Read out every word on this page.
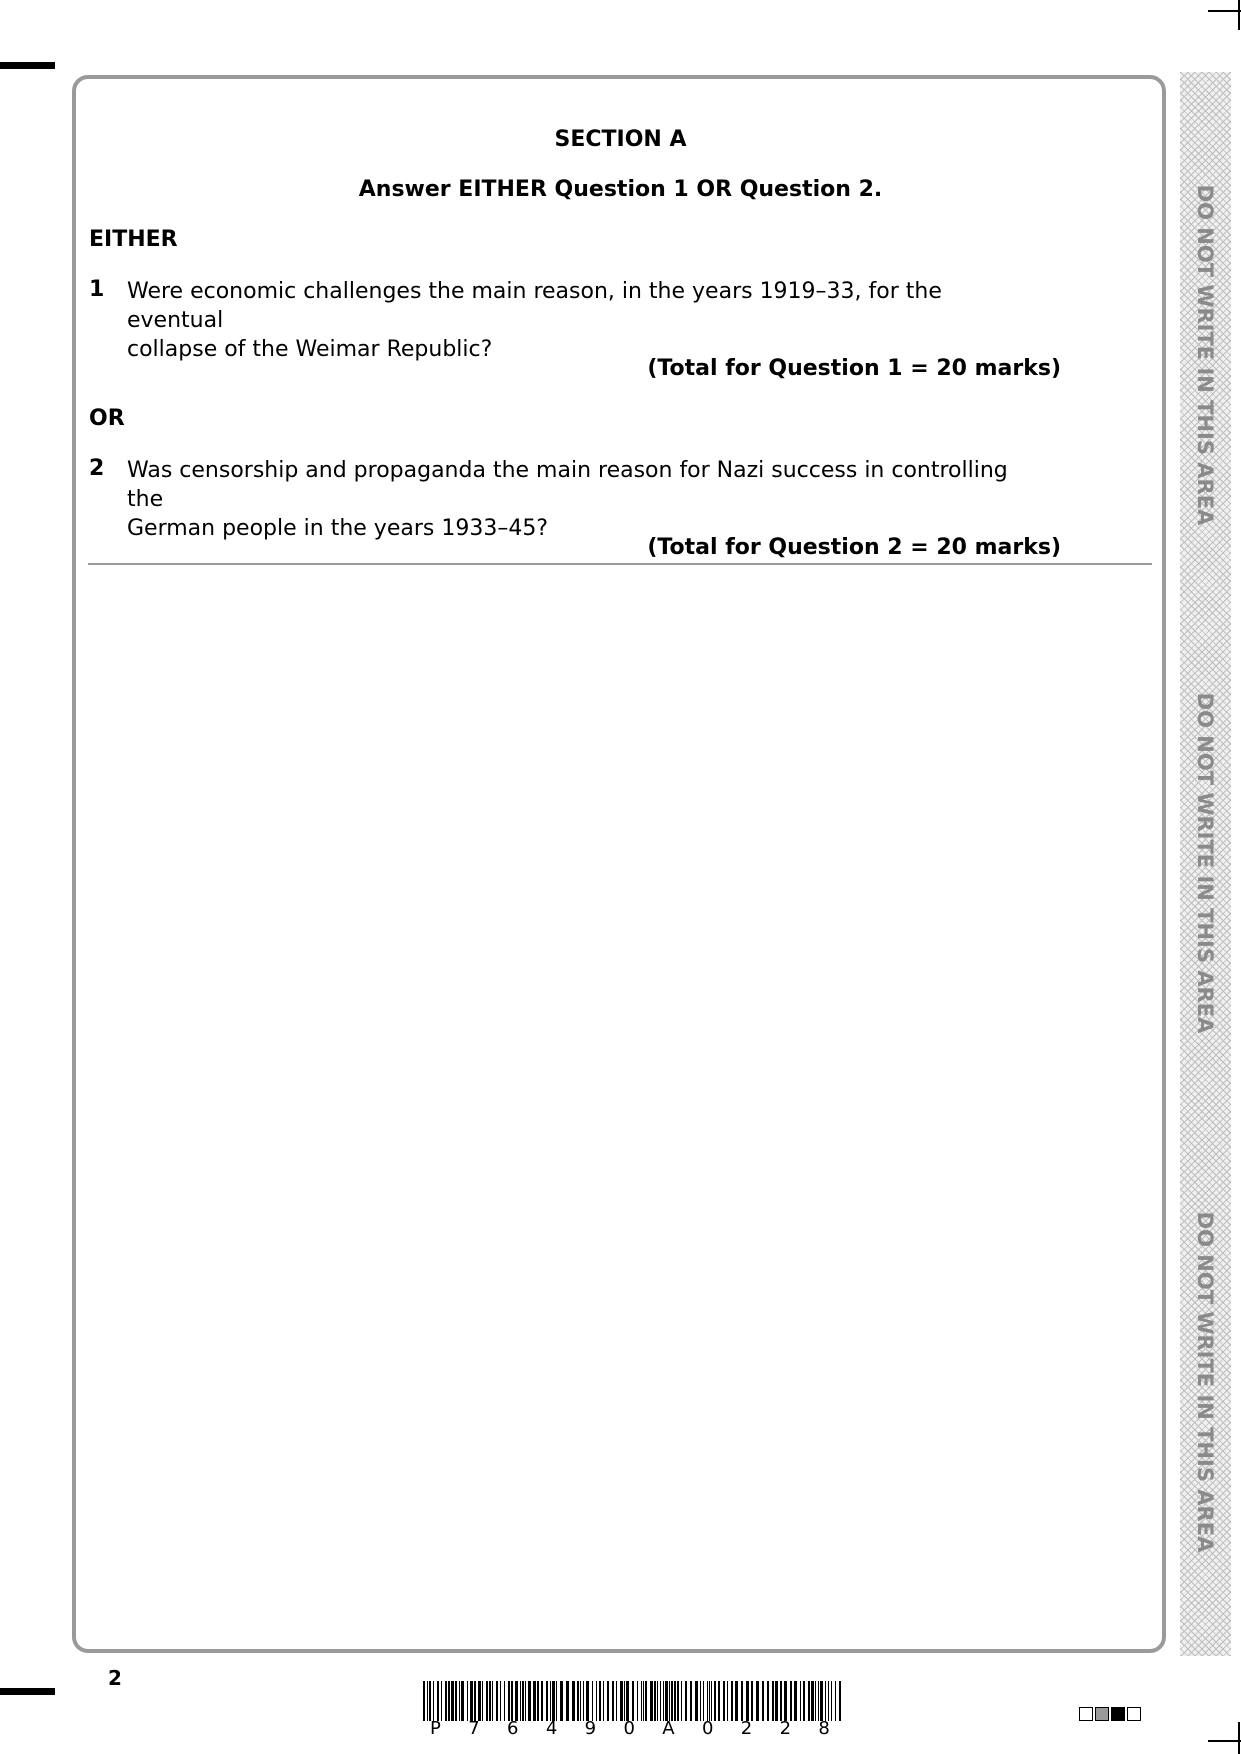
SECTION A
Answer EITHER Question 1 OR Question 2.
EITHER
1 Were economic challenges the main reason, in the years 1919–33, for the eventual
collapse of the Weimar Republic?
(Total for Question 1 = 20 marks)
OR
2 Was censorship and propaganda the main reason for Nazi success in controlling the
German people in the years 1933–45?
(Total for Question 2 = 20 marks)
DO NOT WRITE IN THIS AREA
DO NOT WRITE IN THIS AREA
DO NOT WRITE IN THIS AREA
2
P 7 6 4 9 0 A 0 2 2 8
